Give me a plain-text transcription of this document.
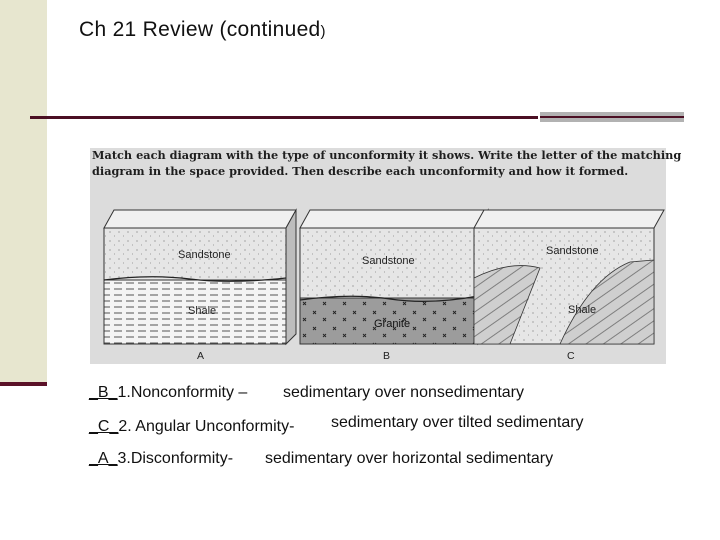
Ch 21 Review (continued)
Sandstone
Shale
A
Sandstone
Granite
B
Sandstone
Shale
C
Match each diagram with the type of unconformity it shows. Write the letter of the matching
diagram in the space provided. Then describe each unconformity and how it formed.
_B_1.Nonconformity – sedimentary over nonsedimentary
_C_2. Angular Unconformity- sedimentary over tilted sedimentary
_A_3.Disconformity- sedimentary over horizontal sedimentary
